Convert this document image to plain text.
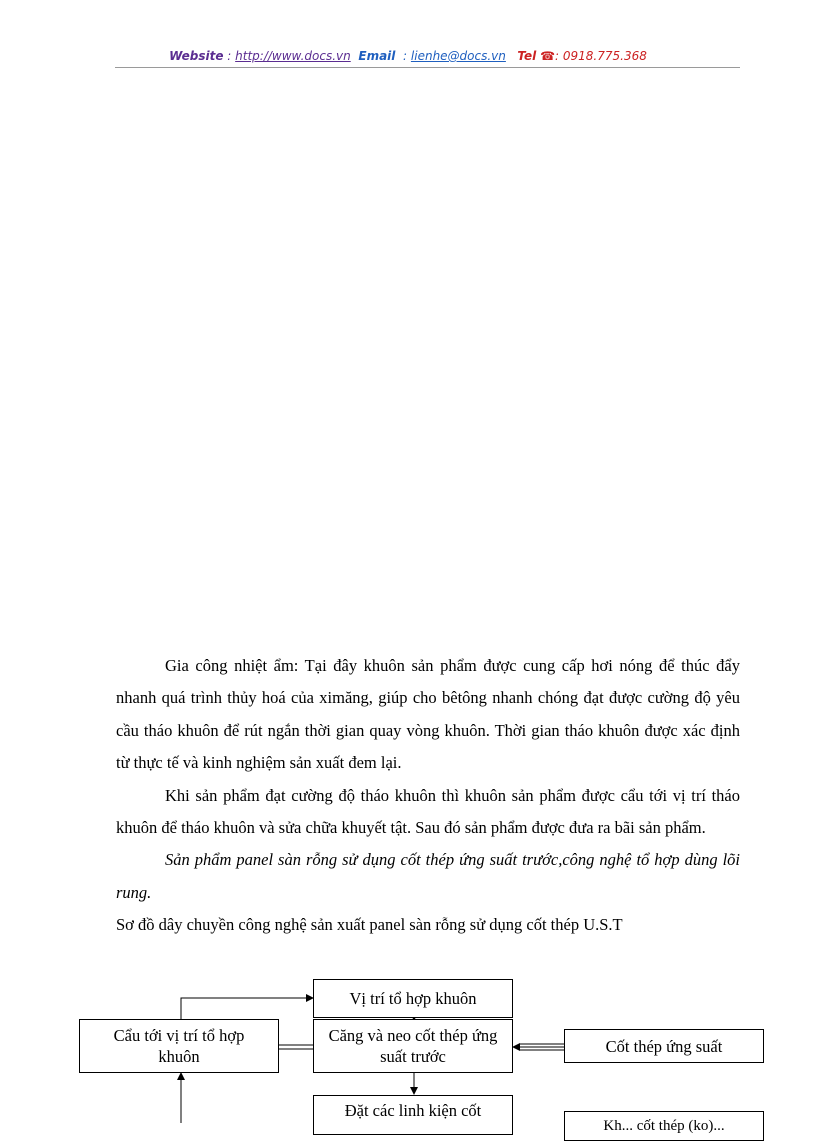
Website : http://www.docs.vn Email  : lienhe@docs.vn Tel ☎: 0918.775.368

Gia công nhiệt ẩm: Tại đây khuôn sản phẩm được cung cấp hơi nóng để thúc đẩy nhanh quá trình thủy hoá của ximăng, giúp cho bêtông nhanh chóng đạt được cường độ yêu cầu tháo khuôn để rút ngắn thời gian quay vòng khuôn. Thời gian tháo khuôn được xác định từ thực tế và kinh nghiệm sản xuất đem lại.

Khi sản phẩm đạt cường độ tháo khuôn thì khuôn sản phẩm được cẩu tới vị trí tháo khuôn để tháo khuôn và sửa chữa khuyết tật. Sau đó sản phẩm được đưa ra bãi sản phẩm.

Sản phẩm panel sàn rỗng sử dụng cốt thép ứng suất trước,công nghệ tổ hợp dùng lõi rung.

Sơ đồ dây chuyền công nghệ sản xuất panel sàn rỗng sử dụng cốt thép U.S.T

Vị trí tổ hợp khuôn
Cẩu tới vị trí tổ hợp khuôn
Căng và neo cốt thép ứng suất trước
Cốt thép ứng suất
Đặt các linh kiện cốt
Kh... cốt thép (ko)...
